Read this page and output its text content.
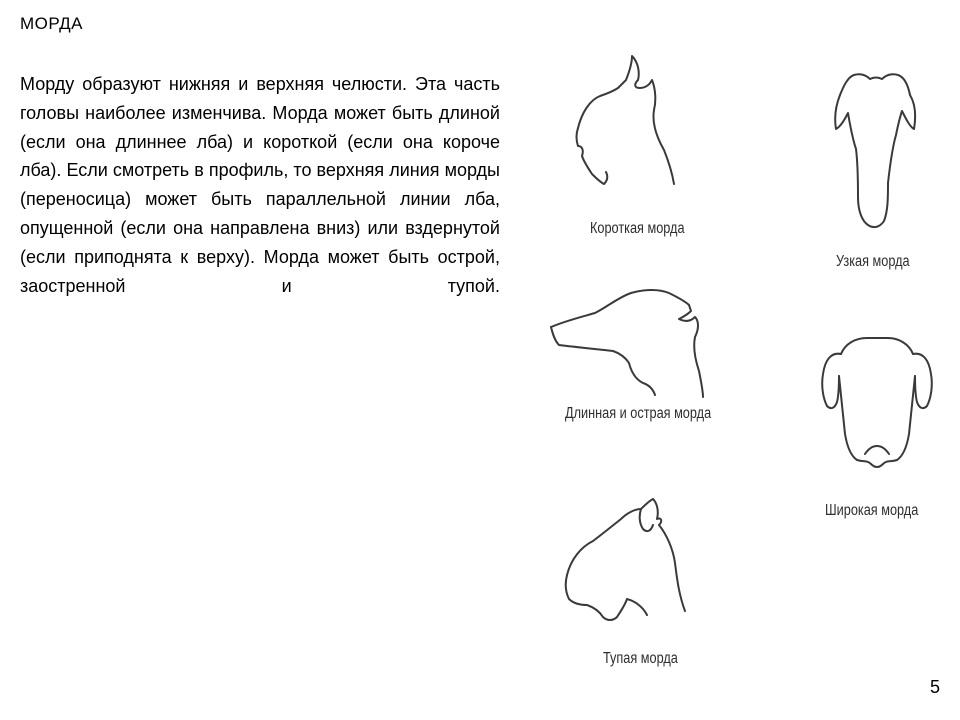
МОРДА

Морду образуют нижняя и верхняя челюсти. Эта часть головы наиболее изменчива. Морда может быть длиной (если она длиннее лба) и короткой (если она короче лба). Если смотреть в профиль, то верхняя линия морды (переносица) может быть параллельной линии лба, опущенной (если она направлена вниз) или вздернутой (если приподнята к верху). Морда может быть острой, заостренной и тупой.

Короткая морда
Длинная и острая морда
Тупая морда
Узкая морда
Широкая морда
5
